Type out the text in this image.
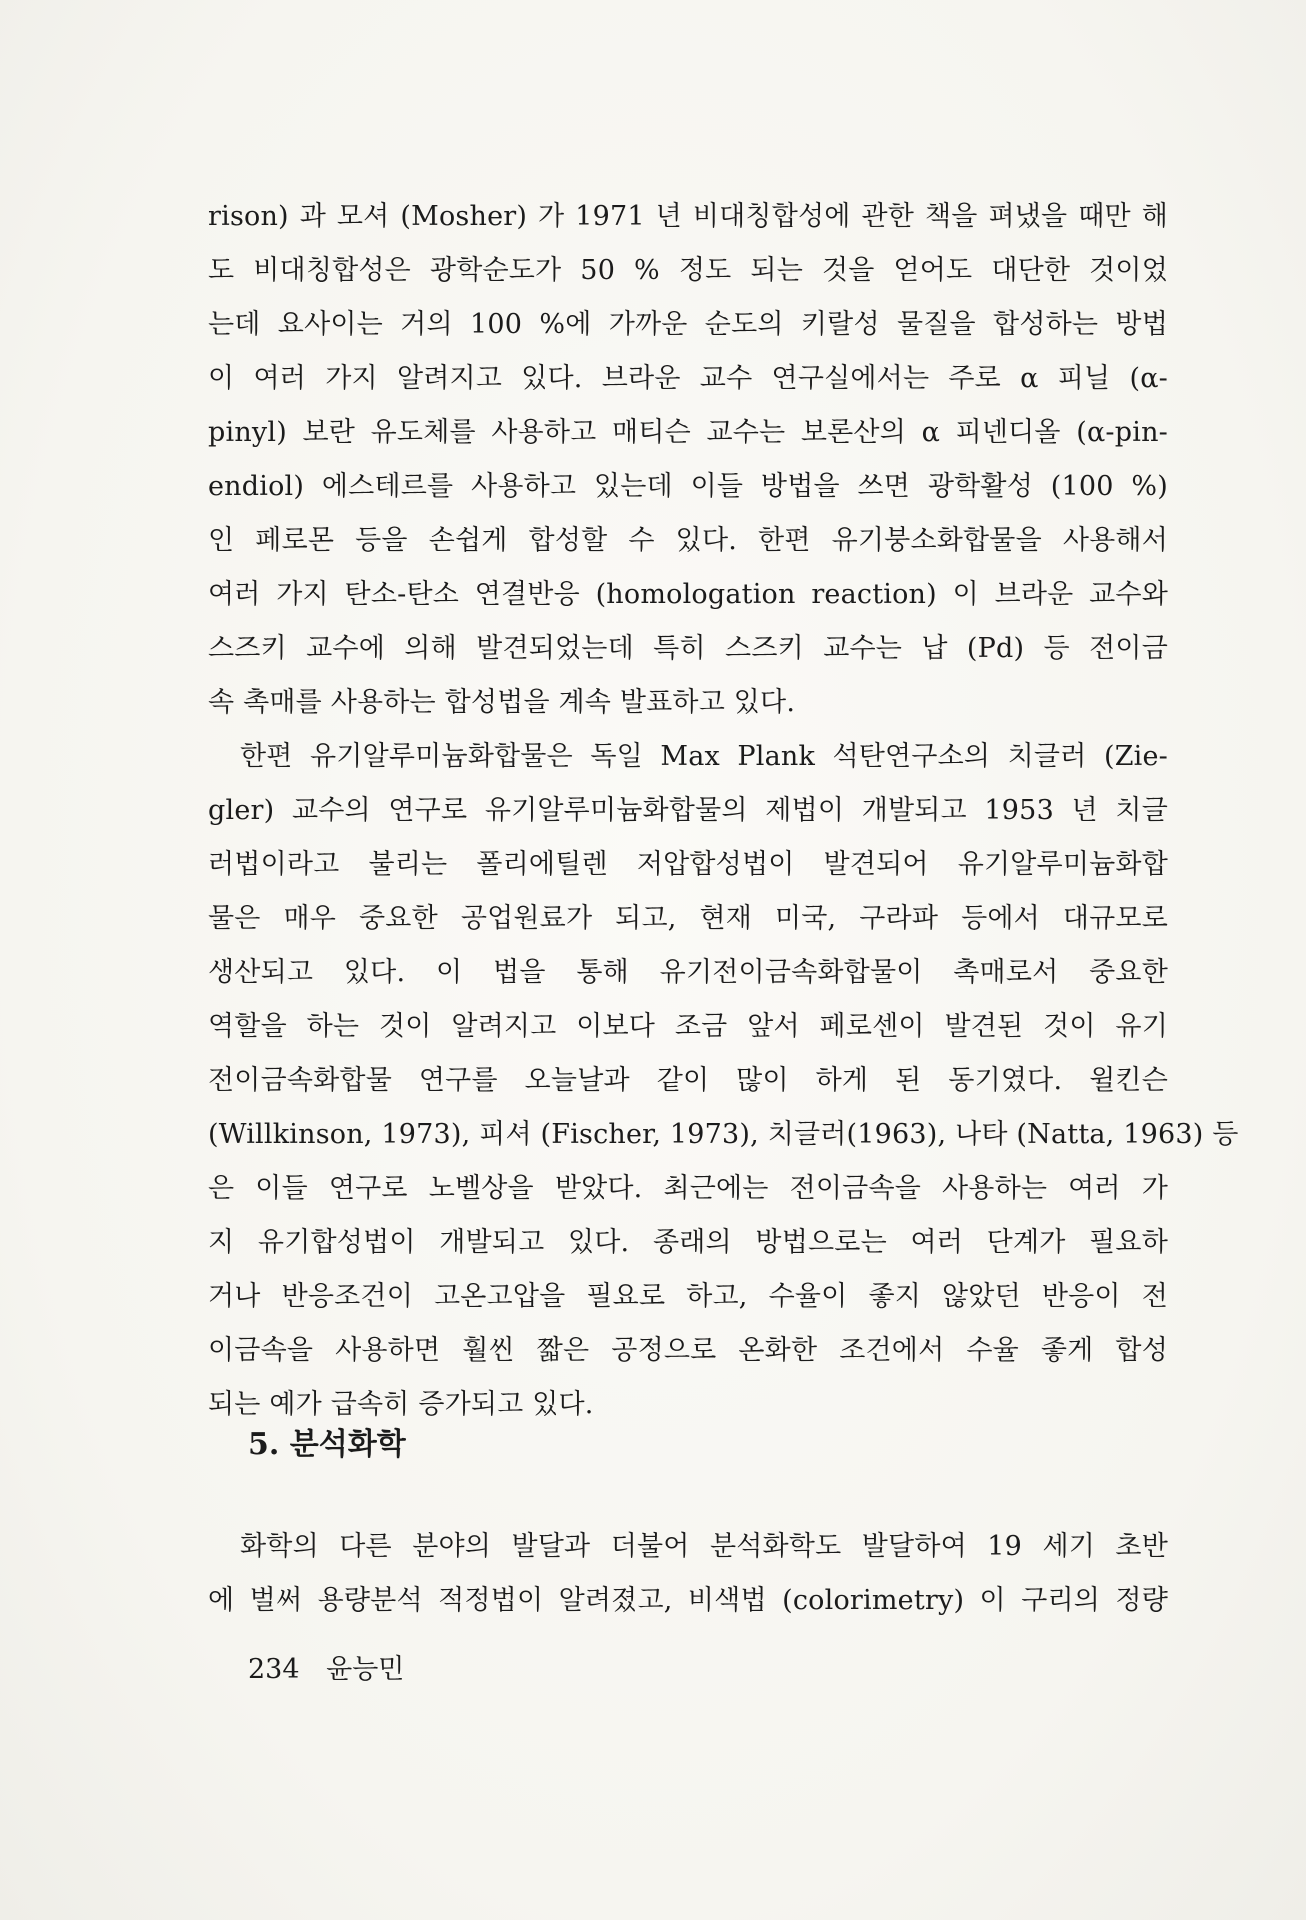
rison) 과 모셔 (Mosher) 가 1971 년 비대칭합성에 관한 책을 펴냈을 때만 해
도 비대칭합성은 광학순도가 50 % 정도 되는 것을 얻어도 대단한 것이었
는데 요사이는 거의 100 %에 가까운 순도의 키랄성 물질을 합성하는 방법
이 여러 가지 알려지고 있다. 브라운 교수 연구실에서는 주로 α 피닐 (α-
pinyl) 보란 유도체를 사용하고 매티슨 교수는 보론산의 α 피넨디올 (α-pin-
endiol) 에스테르를 사용하고 있는데 이들 방법을 쓰면 광학활성 (100 %)
인 페로몬 등을 손쉽게 합성할 수 있다. 한편 유기붕소화합물을 사용해서
여러 가지 탄소-탄소 연결반응 (homologation reaction) 이 브라운 교수와
스즈키 교수에 의해 발견되었는데 특히 스즈키 교수는 납 (Pd) 등 전이금
속 촉매를 사용하는 합성법을 계속 발표하고 있다.
한편 유기알루미늄화합물은 독일 Max Plank 석탄연구소의 치글러 (Zie-
gler) 교수의 연구로 유기알루미늄화합물의 제법이 개발되고 1953 년 치글
러법이라고 불리는 폴리에틸렌 저압합성법이 발견되어 유기알루미늄화합
물은 매우 중요한 공업원료가 되고, 현재 미국, 구라파 등에서 대규모로
생산되고 있다. 이 법을 통해 유기전이금속화합물이 촉매로서 중요한
역할을 하는 것이 알려지고 이보다 조금 앞서 페로센이 발견된 것이 유기
전이금속화합물 연구를 오늘날과 같이 많이 하게 된 동기였다. 윌킨슨
(Willkinson, 1973), 피셔 (Fischer, 1973), 치글러(1963), 나타 (Natta, 1963) 등
은 이들 연구로 노벨상을 받았다. 최근에는 전이금속을 사용하는 여러 가
지 유기합성법이 개발되고 있다. 종래의 방법으로는 여러 단계가 필요하
거나 반응조건이 고온고압을 필요로 하고, 수율이 좋지 않았던 반응이 전
이금속을 사용하면 훨씬 짧은 공정으로 온화한 조건에서 수율 좋게 합성
되는 예가 급속히 증가되고 있다.
5. 분석화학
화학의 다른 분야의 발달과 더불어 분석화학도 발달하여 19 세기 초반
에 벌써 용량분석 적정법이 알려졌고, 비색법 (colorimetry) 이 구리의 정량
234 윤능민
